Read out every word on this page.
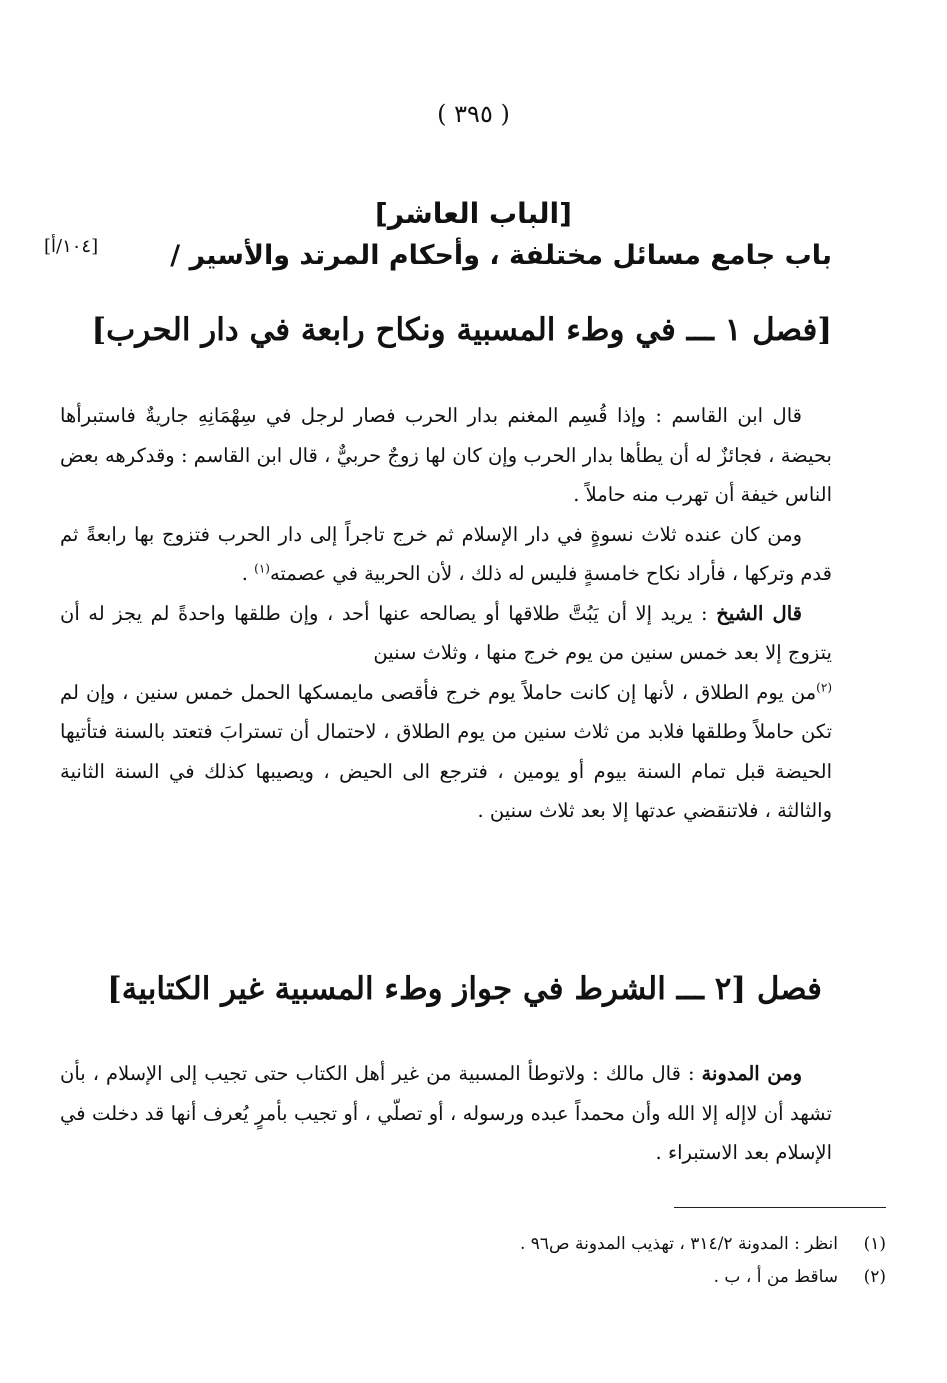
( ٣٩٥ )
[الباب العاشر]
باب جامع مسائل مختلفة ، وأحكام المرتد والأسير /
[١٠٤/أ]
[فصل ١ ـــ في وطء المسبية ونكاح رابعة في دار الحرب]

قال ابن القاسم : وإذا قُسِم المغنم بدار الحرب فصار لرجل في سِهْمَانِهِ جاريةٌ فاستبرأها بحيضة ، فجائزٌ له أن يطأها بدار الحرب وإن كان لها زوجٌ حربيٌّ ، قال ابن القاسم : وقدكرهه بعض الناس خيفة أن تهرب منه حاملاً .

ومن كان عنده ثلاث نسوةٍ في دار الإسلام ثم خرج تاجراً إلى دار الحرب فتزوج بها رابعةً ثم قدم وتركها ، فأراد نكاح خامسةٍ فليس له ذلك ، لأن الحربية في عصمته$^{(١)}$ .

قال الشيخ : يريد إلا أن يَبُتَّ طلاقها أو يصالحه عنها أحد ، وإن طلقها واحدةً لم يجز له أن يتزوج إلا بعد خمس سنين من يوم خرج منها ، وثلاث سنين
$^{(٢)}$من يوم الطلاق ، لأنها إن كانت حاملاً يوم خرج فأقصى مايمسكها الحمل خمس سنين ، وإن لم تكن حاملاً وطلقها فلابد من ثلاث سنين من يوم الطلاق ، لاحتمال أن تسترابَ فتعتد بالسنة فتأتيها الحيضة قبل تمام السنة بيوم أو يومين ، فترجع الى الحيض ، ويصيبها كذلك في السنة الثانية والثالثة ، فلاتنقضي عدتها إلا بعد ثلاث سنين .

فصل [٢ ـــ الشرط في جواز وطء المسبية غير الكتابية]

ومن المدونة : قال مالك : ولاتوطأ المسبية من غير أهل الكتاب حتى تجيب إلى الإسلام ، بأن تشهد أن لاإله إلا الله وأن محمداً عبده ورسوله ، أو تصلّي ، أو تجيب بأمرٍ يُعرف أنها قد دخلت في الإسلام بعد الاستبراء .

(١)
انظر : المدونة ٣١٤/٢ ، تهذيب المدونة ص٩٦ .
(٢)
ساقط من أ ، ب .
